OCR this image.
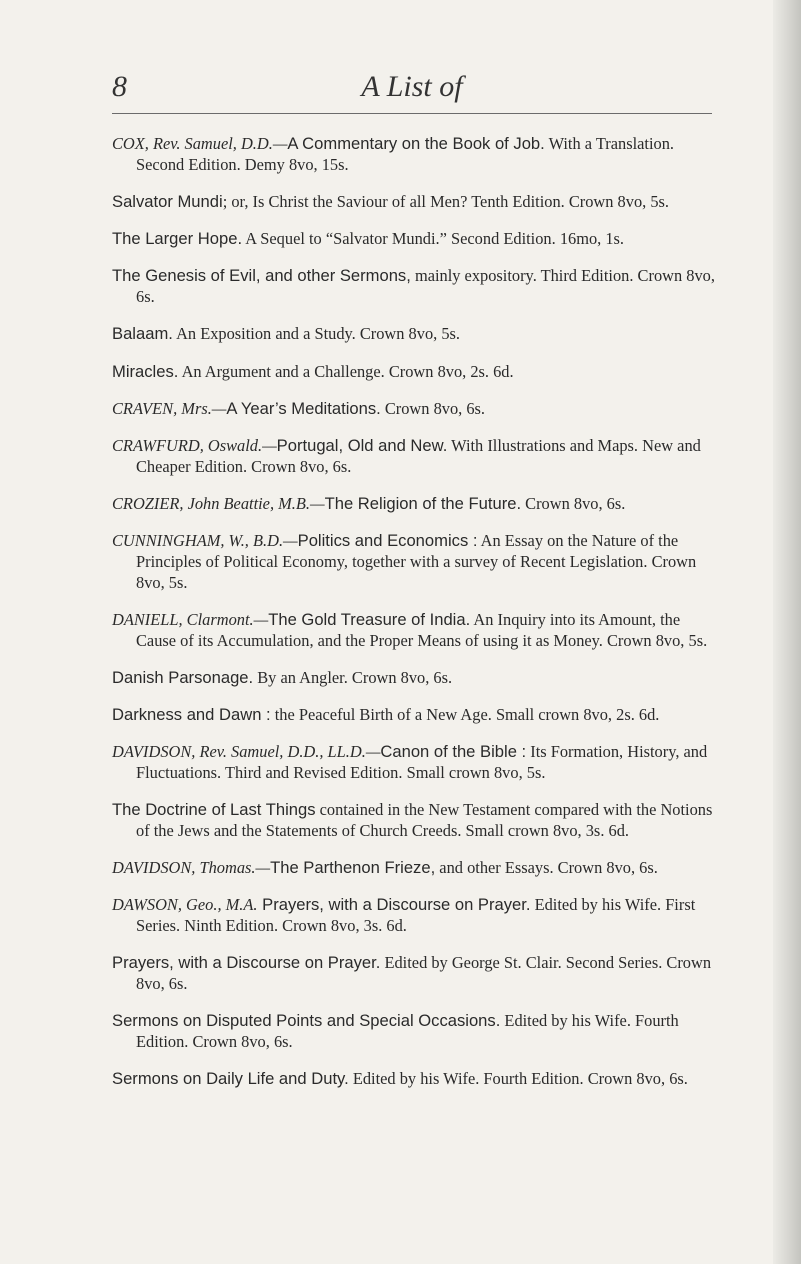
8	A List of

COX, Rev. Samuel, D.D.—A Commentary on the Book of Job. With a Translation. Second Edition. Demy 8vo, 15s.

Salvator Mundi; or, Is Christ the Saviour of all Men? Tenth Edition. Crown 8vo, 5s.

The Larger Hope. A Sequel to “Salvator Mundi.” Second Edition. 16mo, 1s.

The Genesis of Evil, and other Sermons, mainly expository. Third Edition. Crown 8vo, 6s.

Balaam. An Exposition and a Study. Crown 8vo, 5s.

Miracles. An Argument and a Challenge. Crown 8vo, 2s. 6d.

CRAVEN, Mrs.—A Year’s Meditations. Crown 8vo, 6s.

CRAWFURD, Oswald.—Portugal, Old and New. With Illustrations and Maps. New and Cheaper Edition. Crown 8vo, 6s.

CROZIER, John Beattie, M.B.—The Religion of the Future. Crown 8vo, 6s.

CUNNINGHAM, W., B.D.—Politics and Economics : An Essay on the Nature of the Principles of Political Economy, together with a survey of Recent Legislation. Crown 8vo, 5s.

DANIELL, Clarmont.—The Gold Treasure of India. An Inquiry into its Amount, the Cause of its Accumulation, and the Proper Means of using it as Money. Crown 8vo, 5s.

Danish Parsonage. By an Angler. Crown 8vo, 6s.

Darkness and Dawn : the Peaceful Birth of a New Age. Small crown 8vo, 2s. 6d.

DAVIDSON, Rev. Samuel, D.D., LL.D.—Canon of the Bible : Its Formation, History, and Fluctuations. Third and Revised Edition. Small crown 8vo, 5s.

The Doctrine of Last Things contained in the New Testament compared with the Notions of the Jews and the Statements of Church Creeds. Small crown 8vo, 3s. 6d.

DAVIDSON, Thomas.—The Parthenon Frieze, and other Essays. Crown 8vo, 6s.

DAWSON, Geo., M.A. Prayers, with a Discourse on Prayer. Edited by his Wife. First Series. Ninth Edition. Crown 8vo, 3s. 6d.

Prayers, with a Discourse on Prayer. Edited by George St. Clair. Second Series. Crown 8vo, 6s.

Sermons on Disputed Points and Special Occasions. Edited by his Wife. Fourth Edition. Crown 8vo, 6s.

Sermons on Daily Life and Duty. Edited by his Wife. Fourth Edition. Crown 8vo, 6s.
